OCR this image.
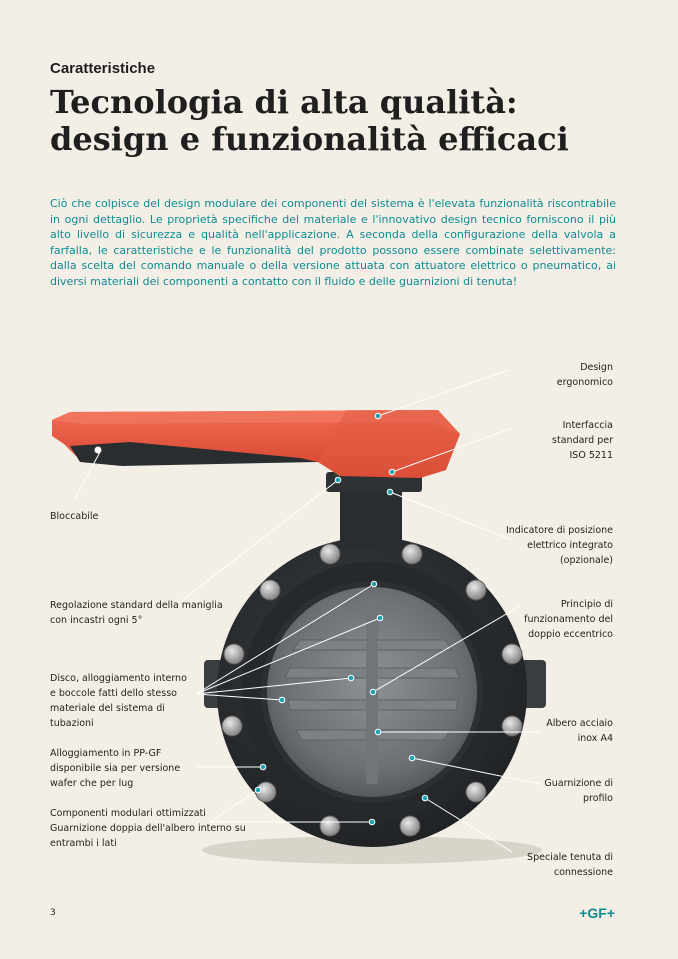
Caratteristiche
Tecnologia di alta qualità:
design e funzionalità efficaci

Ciò che colpisce del design modulare dei componenti del sistema è l'elevata funzionalità riscontrabile in ogni dettaglio. Le proprietà specifiche del materiale e l'innovativo design tecnico forniscono il più alto livello di sicurezza e qualità nell'applicazione. A seconda della configurazione della valvola a farfalla, le caratteristiche e le funzionalità del prodotto possono essere combinate selettivamente: dalla scelta del comando manuale o della versione attuata con attuatore elettrico o pneumatico, ai diversi materiali dei componenti a contatto con il fluido e delle guarnizioni di tenuta!

Design
ergonomico
Interfaccia
standard per
ISO 5211
Indicatore di posizione
elettrico integrato
(opzionale)
Principio di
funzionamento del
doppio eccentrico
Albero acciaio
inox A4
Guarnizione di
profilo
Speciale tenuta di
connessione
Bloccabile
Regolazione standard della maniglia
con incastri ogni 5°
Disco, alloggiamento interno
e boccole fatti dello stesso
materiale del sistema di
tubazioni
Alloggiamento in PP-GF
disponibile sia per versione
wafer che per lug
Componenti modulari ottimizzati
Guarnizione doppia dell'albero interno su
entrambi i lati
3	+GF+
